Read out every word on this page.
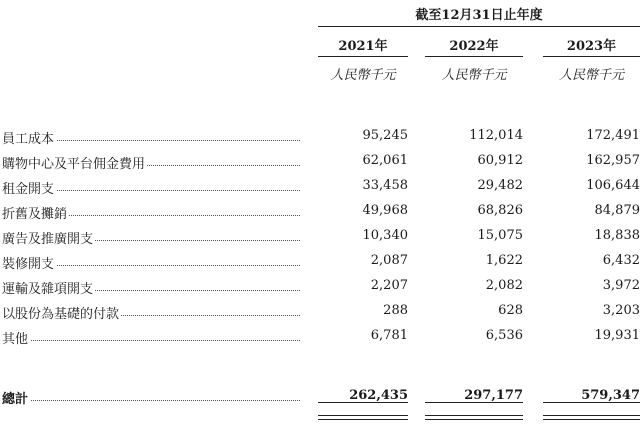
截至12月31日止年度
2021年	2022年	2023年
人民幣千元	人民幣千元	人民幣千元
員工成本	95,245	112,014	172,491
購物中心及平台佣金費用	62,061	60,912	162,957
租金開支	33,458	29,482	106,644
折舊及攤銷	49,968	68,826	84,879
廣告及推廣開支	10,340	15,075	18,838
裝修開支	2,087	1,622	6,432
運輸及雜項開支	2,207	2,082	3,972
以股份為基礎的付款	288	628	3,203
其他	6,781	6,536	19,931
總計	262,435	297,177	579,347
